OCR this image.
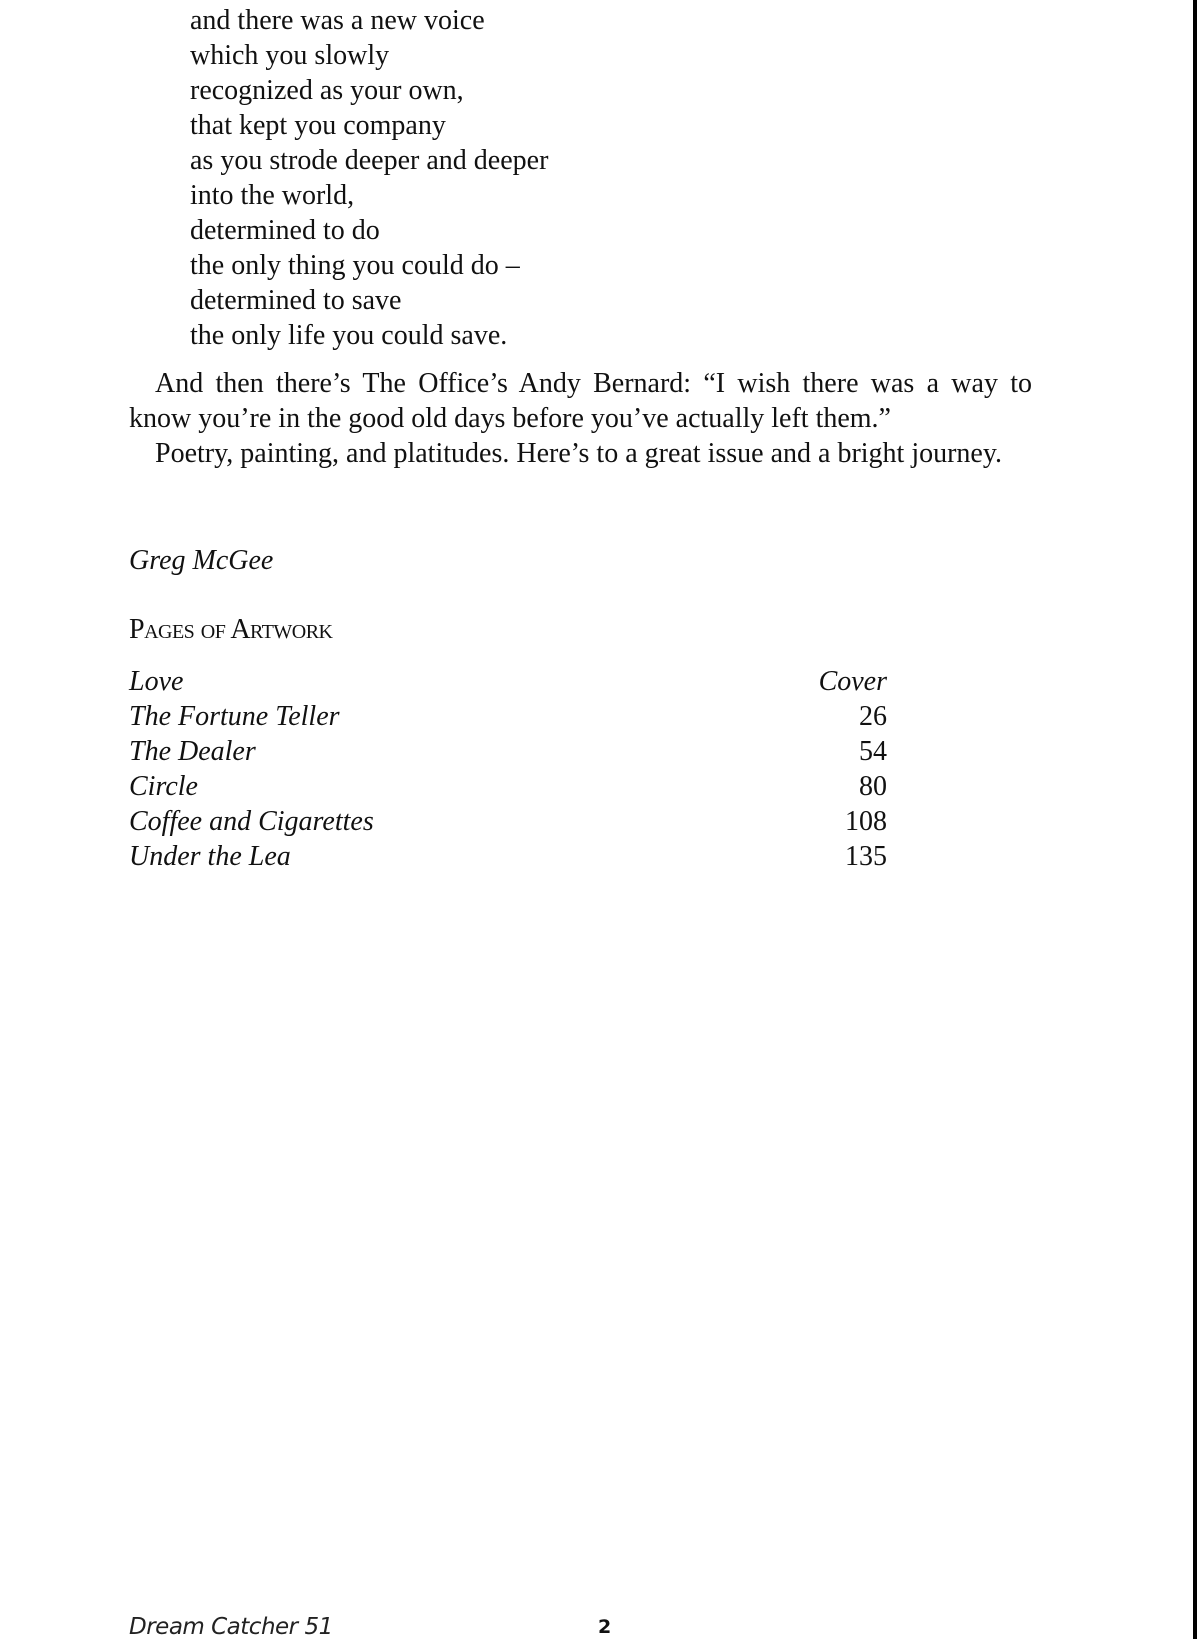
and there was a new voice
which you slowly
recognized as your own,
that kept you company
as you strode deeper and deeper
into the world,
determined to do
the only thing you could do –
determined to save
the only life you could save.

And then there’s The Office’s Andy Bernard: “I wish there was a way to know you’re in the good old days before you’ve actually left them.”

Poetry, painting, and platitudes. Here’s to a great issue and a bright journey.

Greg McGee
Pages of Artwork
Love	Cover
The Fortune Teller	26
The Dealer	54
Circle	80
Coffee and Cigarettes	108
Under the Lea	135
Dream Catcher 51	2
